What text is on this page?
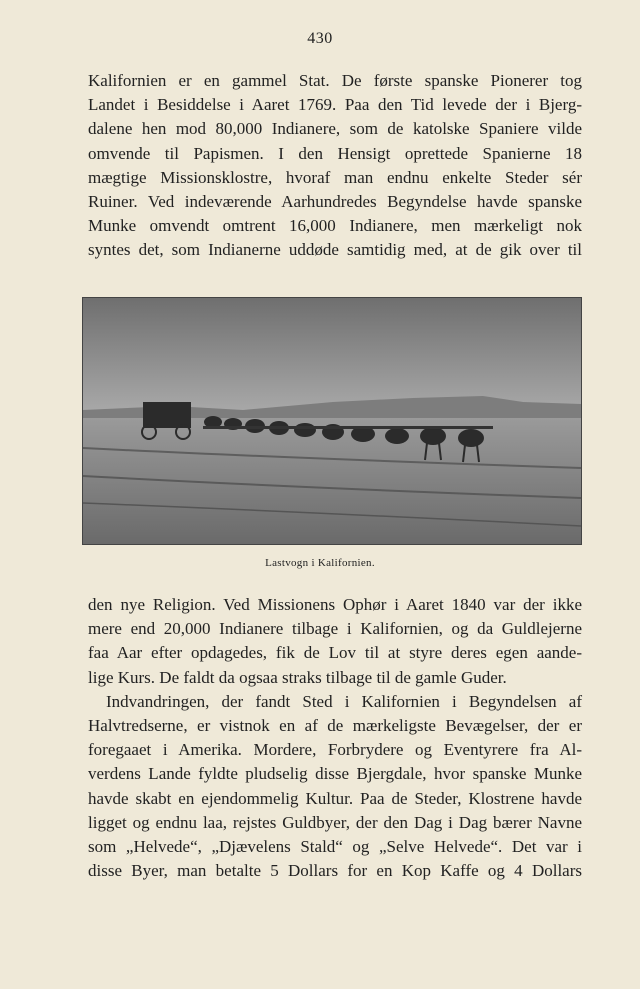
430
Kalifornien er en gammel Stat. De første spanske Pionerer tog
Landet i Besiddelse i Aaret 1769. Paa den Tid levede der i Bjerg-
dalene hen mod 80,000 Indianere, som de katolske Spaniere vilde
omvende til Papismen. I den Hensigt oprettede Spanierne 18
mægtige Missionsklostre, hvoraf man endnu enkelte Steder sér
Ruiner. Ved indeværende Aarhundredes Begyndelse havde spanske
Munke omvendt omtrent 16,000 Indianere, men mærkeligt nok
syntes det, som Indianerne uddøde samtidig med, at de gik over til
Lastvogn i Kalifornien.
den nye Religion. Ved Missionens Ophør i Aaret 1840 var der ikke
mere end 20,000 Indianere tilbage i Kalifornien, og da Guldlejerne
faa Aar efter opdagedes, fik de Lov til at styre deres egen aande-
lige Kurs. De faldt da ogsaa straks tilbage til de gamle Guder.
Indvandringen, der fandt Sted i Kalifornien i Begyndelsen af
Halvtredserne, er vistnok en af de mærkeligste Bevægelser, der er
foregaaet i Amerika. Mordere, Forbrydere og Eventyrere fra Al-
verdens Lande fyldte pludselig disse Bjergdale, hvor spanske Munke
havde skabt en ejendommelig Kultur. Paa de Steder, Klostrene havde
ligget og endnu laa, rejstes Guldbyer, der den Dag i Dag bærer Navne
som „Helvede“, „Djævelens Stald“ og „Selve Helvede“. Det var i
disse Byer, man betalte 5 Dollars for en Kop Kaffe og 4 Dollars
